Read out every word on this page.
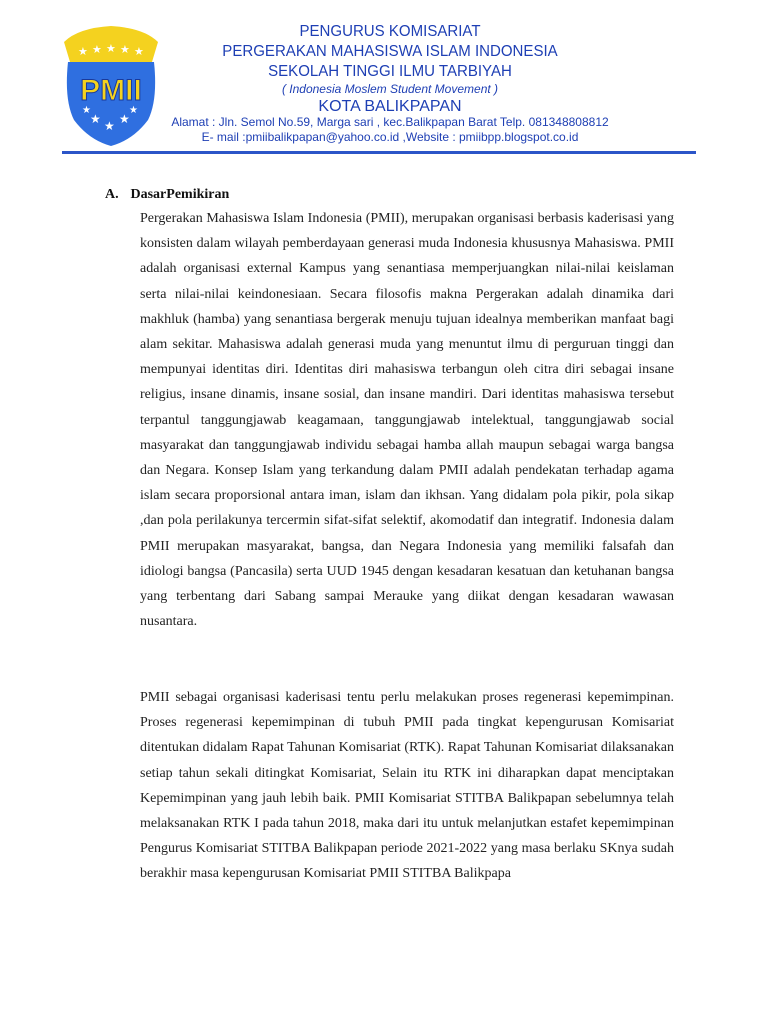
★ ★ ★ ★ ★
★ ★ ★
★	★
PMII
PENGURUS KOMISARIAT
PERGERAKAN MAHASISWA ISLAM INDONESIA
SEKOLAH TINGGI ILMU TARBIYAH
( Indonesia Moslem Student Movement )
KOTA BALIKPAPAN
Alamat : Jln. Semol No.59, Marga sari , kec.Balikpapan Barat Telp. 081348808812
E- mail :pmiibalikpapan@yahoo.co.id ,Website : pmiibpp.blogspot.co.id
A. DasarPemikiran
Pergerakan Mahasiswa Islam Indonesia (PMII), merupakan organisasi berbasis kaderisasi yang konsisten dalam wilayah pemberdayaan generasi muda Indonesia khususnya Mahasiswa. PMII adalah organisasi external Kampus yang senantiasa memperjuangkan nilai-nilai keislaman serta nilai-nilai keindonesiaan. Secara filosofis makna Pergerakan adalah dinamika dari makhluk (hamba) yang senantiasa bergerak menuju tujuan idealnya memberikan manfaat bagi alam sekitar. Mahasiswa adalah generasi muda yang menuntut ilmu di perguruan tinggi dan mempunyai identitas diri. Identitas diri mahasiswa terbangun oleh citra diri sebagai insane religius, insane dinamis, insane sosial, dan insane mandiri. Dari identitas mahasiswa tersebut terpantul tanggungjawab keagamaan, tanggungjawab intelektual, tanggungjawab social masyarakat dan tanggungjawab individu sebagai hamba allah maupun sebagai warga bangsa dan Negara. Konsep Islam yang terkandung dalam PMII adalah pendekatan terhadap agama islam secara proporsional antara iman, islam dan ikhsan. Yang didalam pola pikir, pola sikap ,dan pola perilakunya tercermin sifat-sifat selektif, akomodatif dan integratif. Indonesia dalam PMII merupakan masyarakat, bangsa, dan Negara Indonesia yang memiliki falsafah dan idiologi bangsa (Pancasila) serta UUD 1945 dengan kesadaran kesatuan dan ketuhanan bangsa yang terbentang dari Sabang sampai Merauke yang diikat dengan kesadaran wawasan nusantara.
PMII sebagai organisasi kaderisasi tentu perlu melakukan proses regenerasi kepemimpinan. Proses regenerasi kepemimpinan di tubuh PMII pada tingkat kepengurusan Komisariat ditentukan didalam Rapat Tahunan Komisariat (RTK). Rapat Tahunan Komisariat dilaksanakan setiap tahun sekali ditingkat Komisariat, Selain itu RTK ini diharapkan dapat menciptakan Kepemimpinan yang jauh lebih baik. PMII Komisariat STITBA Balikpapan sebelumnya telah melaksanakan RTK I pada tahun 2018, maka dari itu untuk melanjutkan estafet kepemimpinan Pengurus Komisariat STITBA Balikpapan periode 2021-2022 yang masa berlaku SKnya sudah berakhir masa kepengurusan Komisariat PMII STITBA Balikpapa
